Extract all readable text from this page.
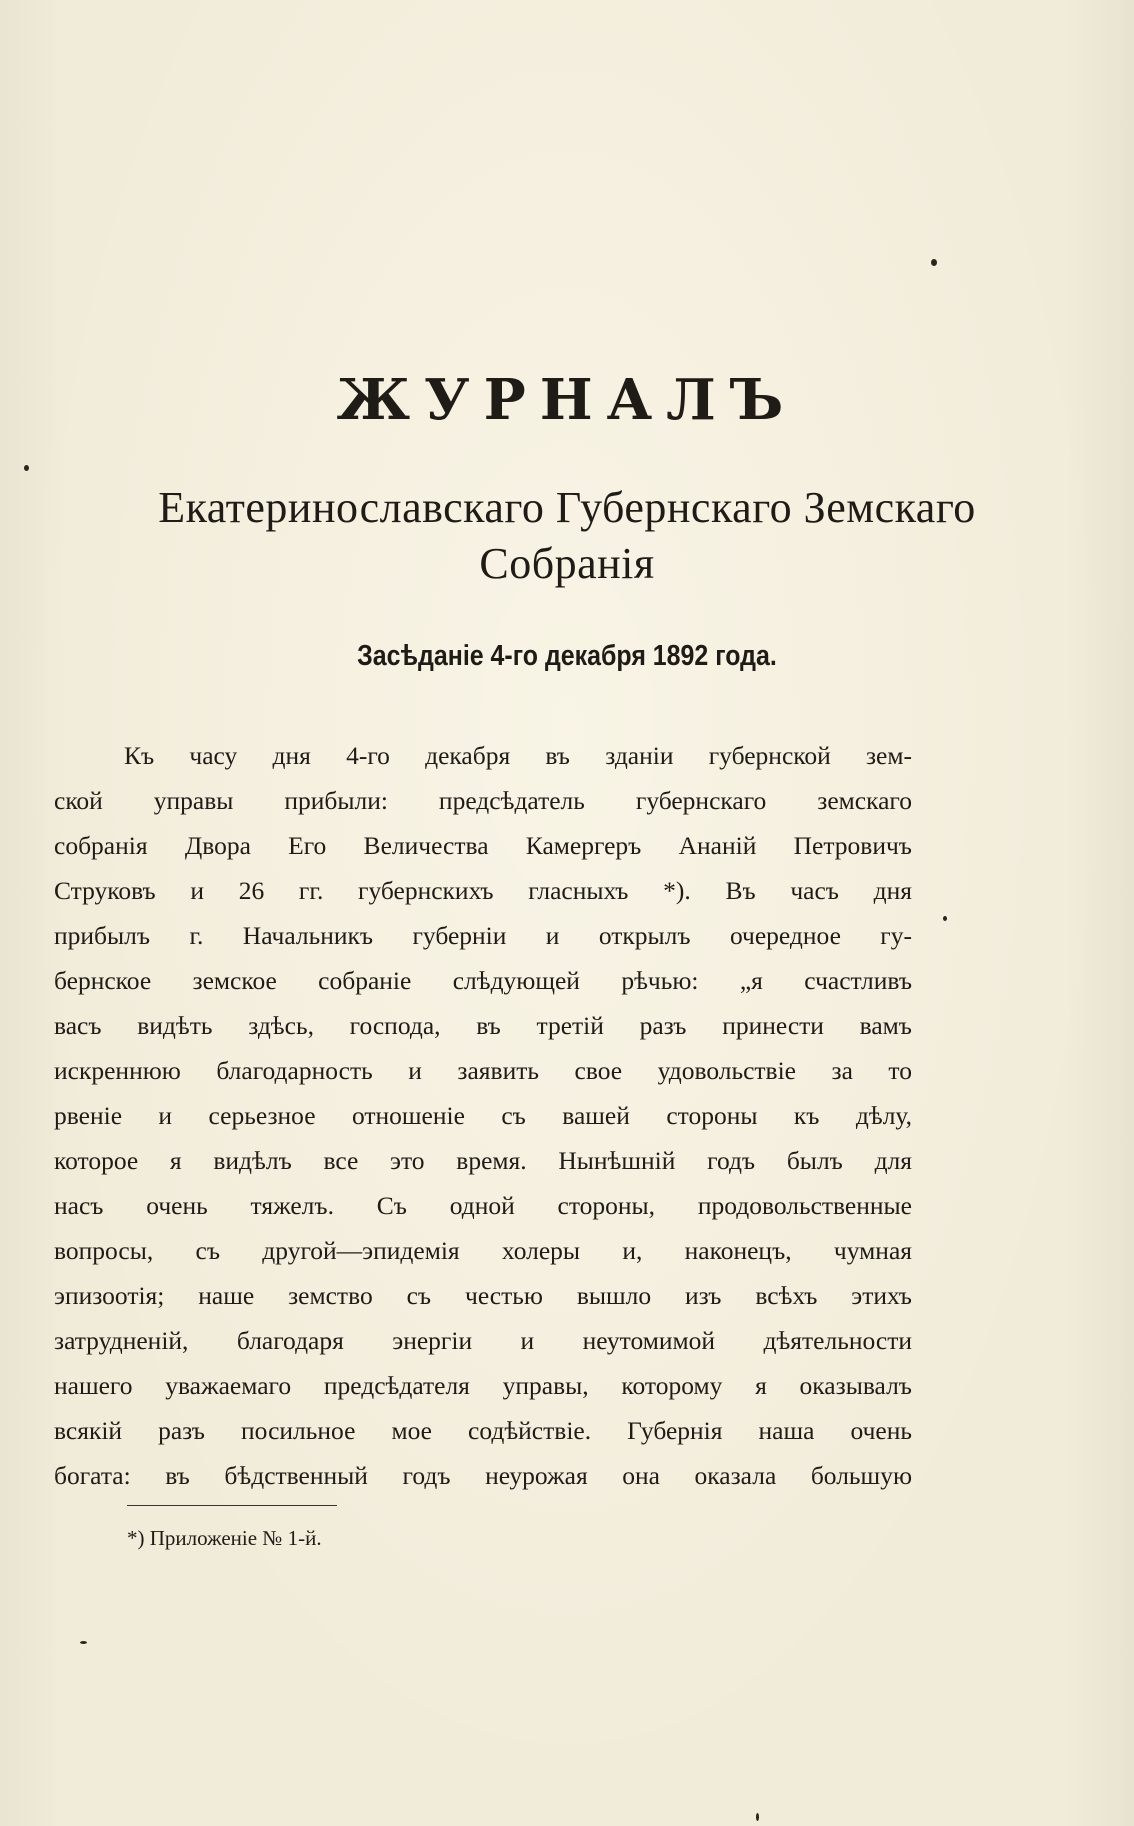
ЖУРНАЛЪ
Екатеринославскаго Губернскаго Земскаго
Собранія
Засѣданіе 4-го декабря 1892 года.
Къ часу дня 4-го декабря въ зданіи губернской зем-
ской управы прибыли: предсѣдатель губернскаго земскаго
собранія Двора Его Величества Камергеръ Ананій Петровичъ
Струковъ и 26 гг. губернскихъ гласныхъ *). Въ часъ дня
прибылъ г. Начальникъ губерніи и открылъ очередное гу-
бернское земское собраніе слѣдующей рѣчью: „я счастливъ
васъ видѣть здѣсь, господа, въ третій разъ принести вамъ
искреннюю благодарность и заявить свое удовольствіе за то
рвеніе и серьезное отношеніе съ вашей стороны къ дѣлу,
которое я видѣлъ все это время. Нынѣшній годъ былъ для
насъ очень тяжелъ. Съ одной стороны, продовольственные
вопросы, съ другой—эпидемія холеры и, наконецъ, чумная
эпизоотія; наше земство съ честью вышло изъ всѣхъ этихъ
затрудненій, благодаря энергіи и неутомимой дѣятельности
нашего уважаемаго предсѣдателя управы, которому я оказывалъ
всякій разъ посильное мое содѣйствіе. Губернія наша очень
богата: въ бѣдственный годъ неурожая она оказала большую
*) Приложеніе № 1-й.
